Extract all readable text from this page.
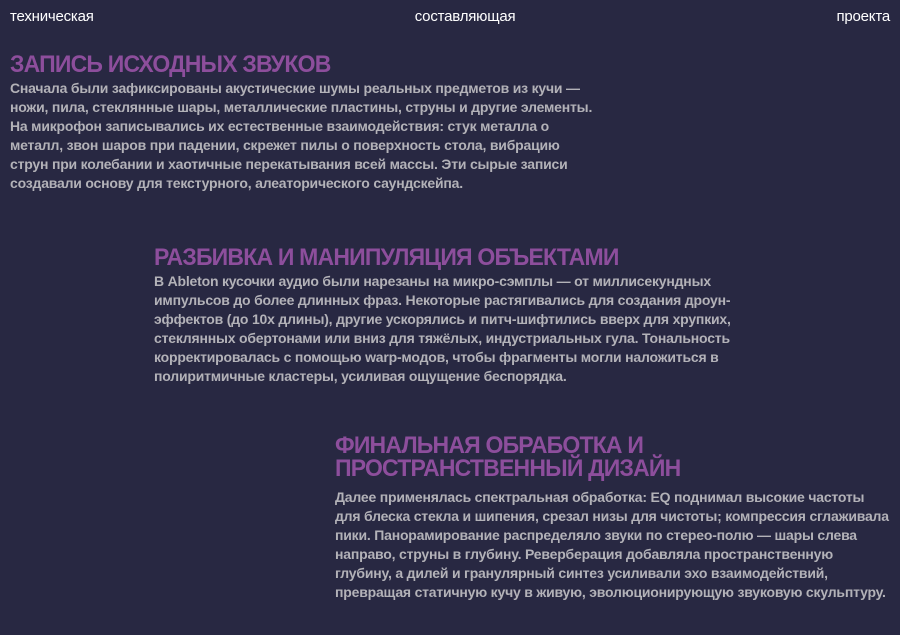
техническая	составляющая	проекта
ЗАПИСЬ ИСХОДНЫХ ЗВУКОВ

Сначала были зафиксированы акустические шумы реальных предметов из кучи — ножи, пила, стеклянные шары, металлические пластины, струны и другие элементы. На микрофон записывались их естественные взаимодействия: стук металла о металл, звон шаров при падении, скрежет пилы о поверхность стола, вибрацию струн при колебании и хаотичные перекатывания всей массы. Эти сырые записи создавали основу для текстурного, алеаторического саундскейпа.

РАЗБИВКА И МАНИПУЛЯЦИЯ ОБЪЕКТАМИ

В Ableton кусочки аудио были нарезаны на микро-сэмплы — от миллисекундных импульсов до более длинных фраз. Некоторые растягивались для создания дроун-эффектов (до 10х длины), другие ускорялись и питч-шифтились вверх для хрупких, стеклянных обертонами или вниз для тяжёлых, индустриальных гула. Тональность корректировалась с помощью warp-модов, чтобы фрагменты могли наложиться в полиритмичные кластеры, усиливая ощущение беспорядка.

ФИНАЛЬНАЯ ОБРАБОТКА И ПРОСТРАНСТВЕННЫЙ ДИЗАЙН

Далее применялась спектральная обработка: EQ поднимал высокие частоты для блеска стекла и шипения, срезал низы для чистоты; компрессия сглаживала пики. Панорамирование распределяло звуки по стерео-полю — шары слева направо, струны в глубину. Реверберация добавляла пространственную глубину, а дилей и гранулярный синтез усиливали эхо взаимодействий, превращая статичную кучу в живую, эволюционирующую звуковую скульптуру.
